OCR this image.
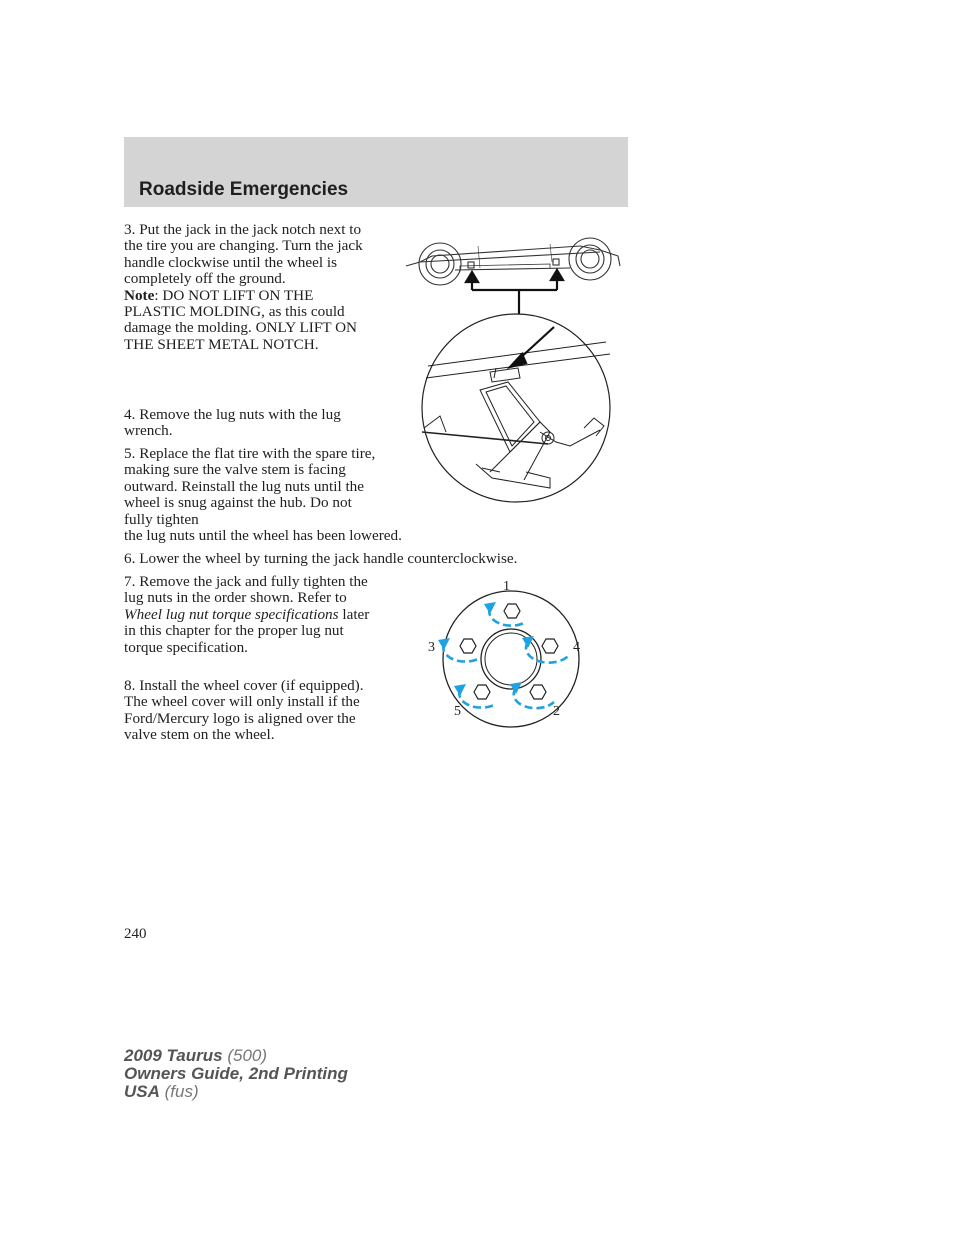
Roadside Emergencies
3. Put the jack in the jack notch next to the tire you are changing. Turn the jack handle clockwise until the wheel is completely off the ground.
Note: DO NOT LIFT ON THE PLASTIC MOLDING, as this could damage the molding. ONLY LIFT ON THE SHEET METAL NOTCH.
4. Remove the lug nuts with the lug wrench.
5. Replace the flat tire with the spare tire, making sure the valve stem is facing outward. Reinstall the lug nuts until the wheel is snug against the hub. Do not fully tighten
the lug nuts until the wheel has been lowered.
6. Lower the wheel by turning the jack handle counterclockwise.
7. Remove the jack and fully tighten the lug nuts in the order shown. Refer to Wheel lug nut torque specifications later in this chapter for the proper lug nut torque specification.
8. Install the wheel cover (if equipped). The wheel cover will only install if the Ford/Mercury logo is aligned over the valve stem on the wheel.
1
2
3	4
5
240
2009 Taurus (500)
Owners Guide, 2nd Printing
USA (fus)
